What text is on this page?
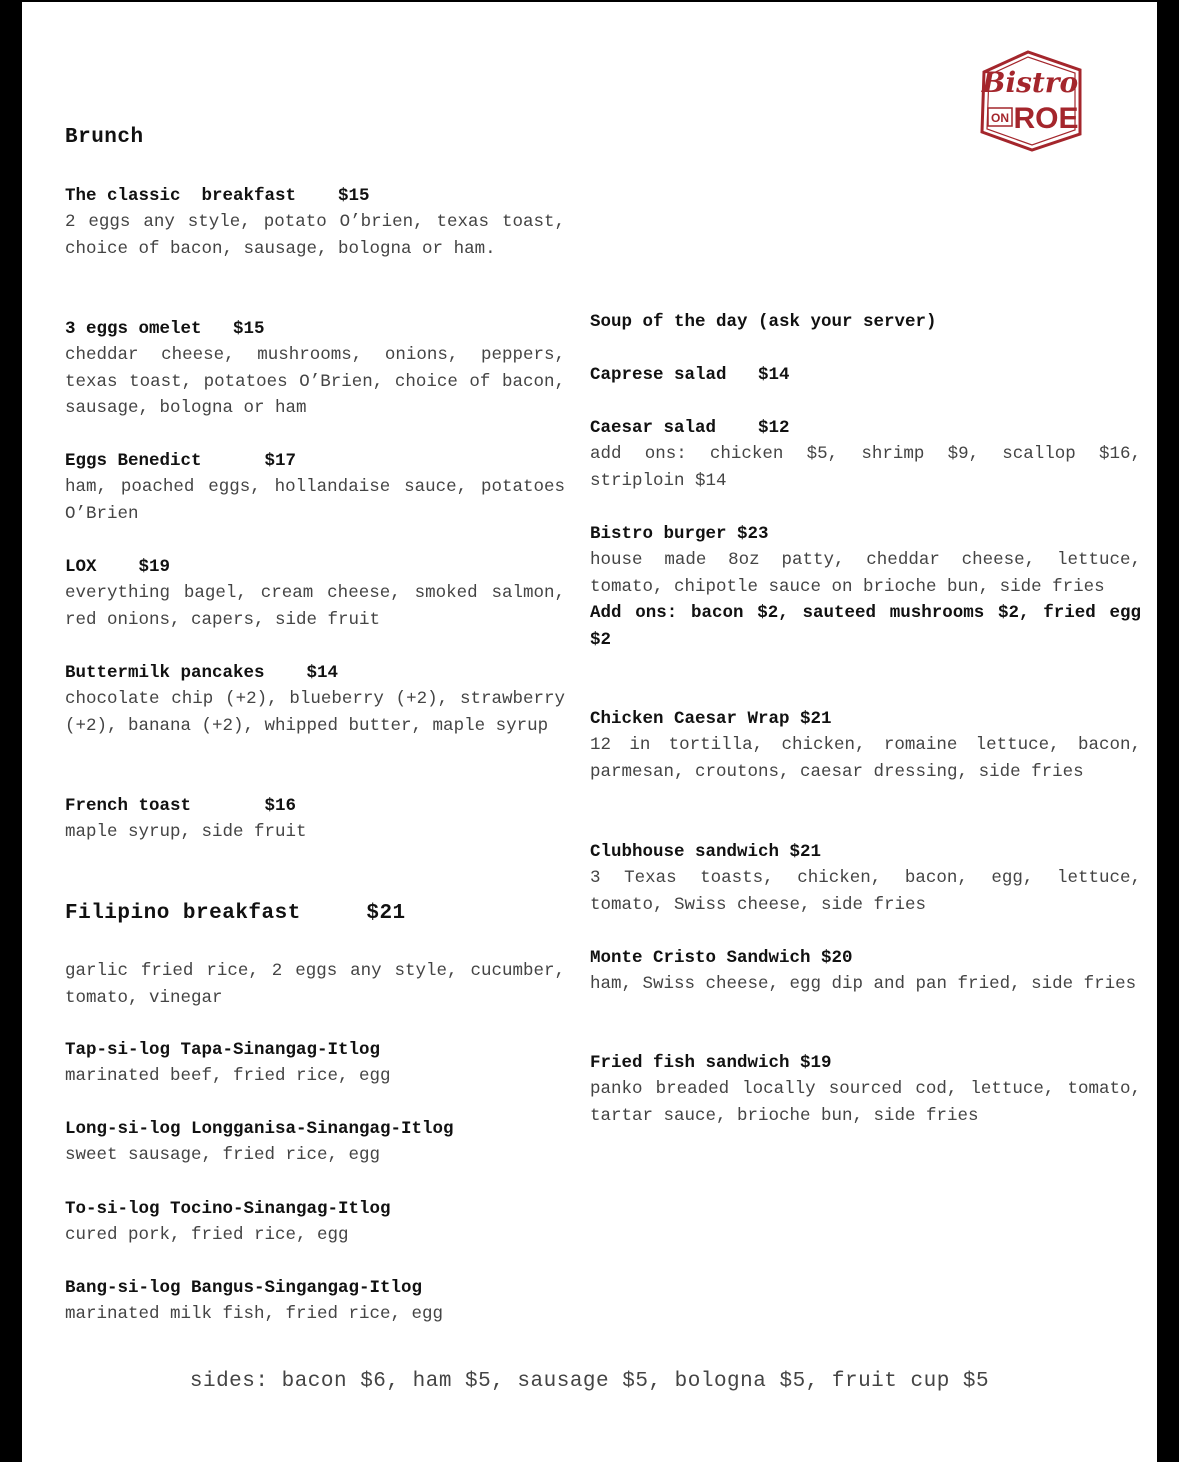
Bistro
ON ROE
Brunch
The classic  breakfast    $15
2 eggs any style, potato O’brien, texas toast, choice of bacon, sausage, bologna or ham.
3 eggs omelet   $15
cheddar cheese, mushrooms, onions, peppers, texas toast, potatoes O’Brien, choice of bacon, sausage, bologna or ham
Eggs Benedict      $17
ham, poached eggs, hollandaise sauce, potatoes O’Brien
LOX    $19
everything bagel, cream cheese, smoked salmon, red onions, capers, side fruit
Buttermilk pancakes    $14
chocolate chip (+2), blueberry (+2), strawberry (+2), banana (+2), whipped butter, maple syrup
French toast       $16
maple syrup, side fruit
Filipino breakfast     $21
garlic fried rice, 2 eggs any style, cucumber, tomato, vinegar
Tap-si-log Tapa-Sinangag-Itlog
marinated beef, fried rice, egg
Long-si-log Longganisa-Sinangag-Itlog
sweet sausage, fried rice, egg
To-si-log Tocino-Sinangag-Itlog
cured pork, fried rice, egg
Bang-si-log Bangus-Singangag-Itlog
marinated milk fish, fried rice, egg
Soup of the day (ask your server)
Caprese salad   $14
Caesar salad    $12
add ons: chicken $5, shrimp $9, scallop $16, striploin $14
Bistro burger $23
house made 8oz patty, cheddar cheese, lettuce, tomato, chipotle sauce on brioche bun, side fries
Add ons: bacon $2, sauteed mushrooms $2, fried egg $2
Chicken Caesar Wrap $21
12 in tortilla, chicken, romaine lettuce, bacon, parmesan, croutons, caesar dressing, side fries
Clubhouse sandwich $21
3 Texas toasts, chicken, bacon, egg, lettuce, tomato, Swiss cheese, side fries
Monte Cristo Sandwich $20
ham, Swiss cheese, egg dip and pan fried, side fries
Fried fish sandwich $19
panko breaded locally sourced cod, lettuce, tomato, tartar sauce, brioche bun, side fries
sides: bacon $6, ham $5, sausage $5, bologna $5, fruit cup $5
